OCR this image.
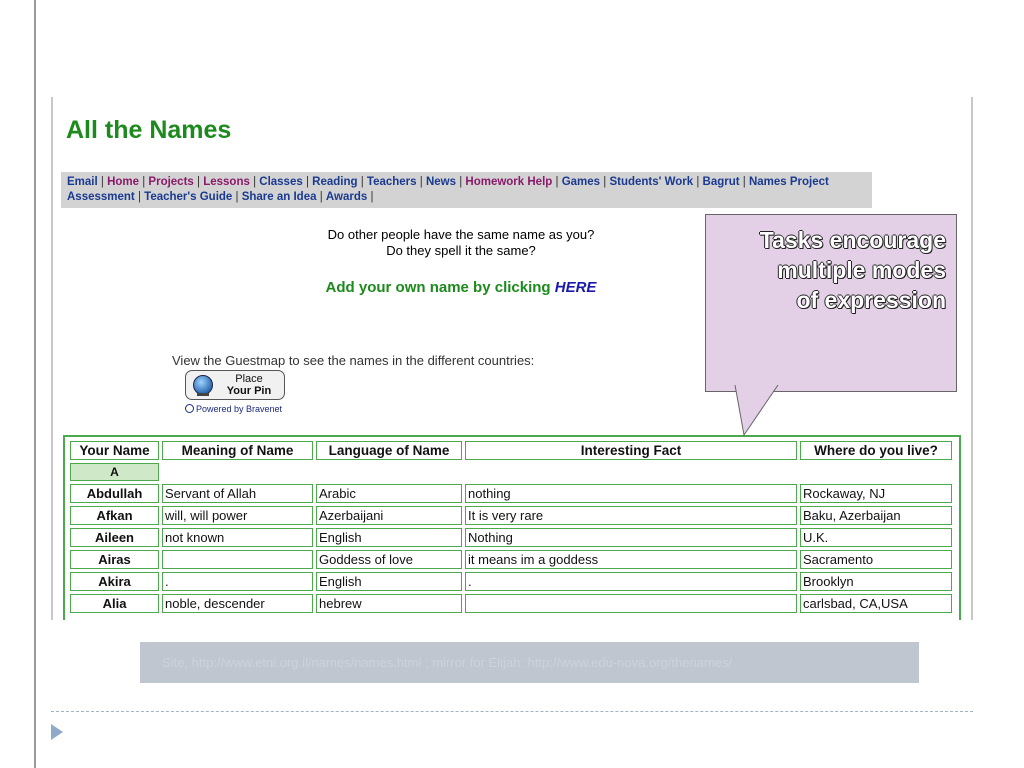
All the Names
Email | Home | Projects | Lessons | Classes | Reading | Teachers | News | Homework Help | Games | Students' Work | Bagrut | Names Project Assessment | Teacher's Guide | Share an Idea | Awards |
Do other people have the same name as you?
Do they spell it the same?
Add your own name by clicking HERE
View the Guestmap to see the names in the different countries:
Place
Your Pin
Powered by Bravenet
Your Name	Meaning of Name	Language of Name	Interesting Fact	Where do you live?
A				
Abdullah	Servant of Allah	Arabic	nothing	Rockaway, NJ
Afkan	will, will power	Azerbaijani	It is very rare	Baku, Azerbaijan
Aileen	not known	English	Nothing	U.K.
Airas		Goddess of love	it means im a goddess	Sacramento
Akira	.	English	.	Brooklyn
Alia	noble, descender	hebrew		carlsbad, CA,USA

Tasks encourage
multiple modes
of expression

Site, http://www.etni.org.il/names/names.html ; mirror for Elijah: http://www.edu-nova.org/thenames/
